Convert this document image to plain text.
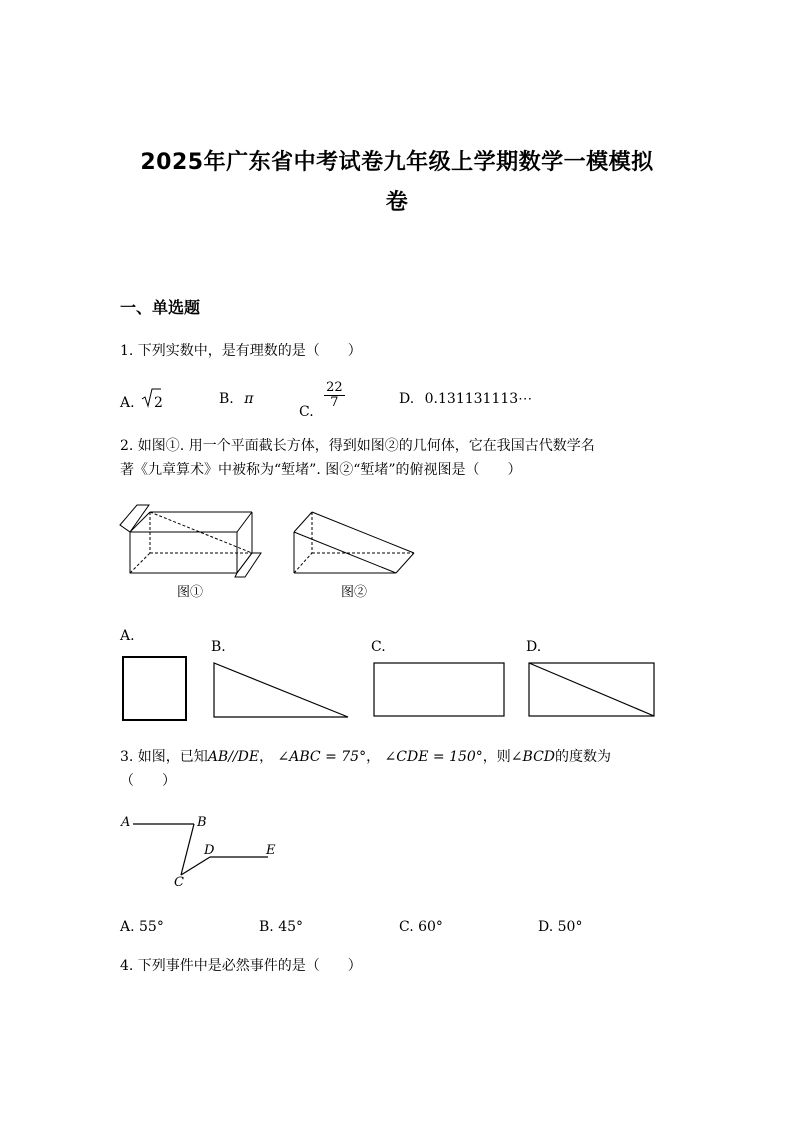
2025年广东省中考试卷九年级上学期数学一模模拟
卷
一、单选题
1. 下列实数中，是有理数的是（　　）
A. 2	B. π
C.
$\frac{22}{7}$	D. 0.131131113⋯
2. 如图①. 用一个平面截长方体，得到如图②的几何体，它在我国古代数学名
著《九章算术》中被称为“堑堵”. 图②“堑堵”的俯视图是（　　）
图①	图②
A.
B.	C.	D.
3. 如图，已知AB//DE， ∠ABC = 75°， ∠CDE = 150°，则∠BCD的度数为
（　　）
A	B
D	E
C
A. 55°	B. 45°	C. 60°	D. 50°
4. 下列事件中是必然事件的是（　　）
